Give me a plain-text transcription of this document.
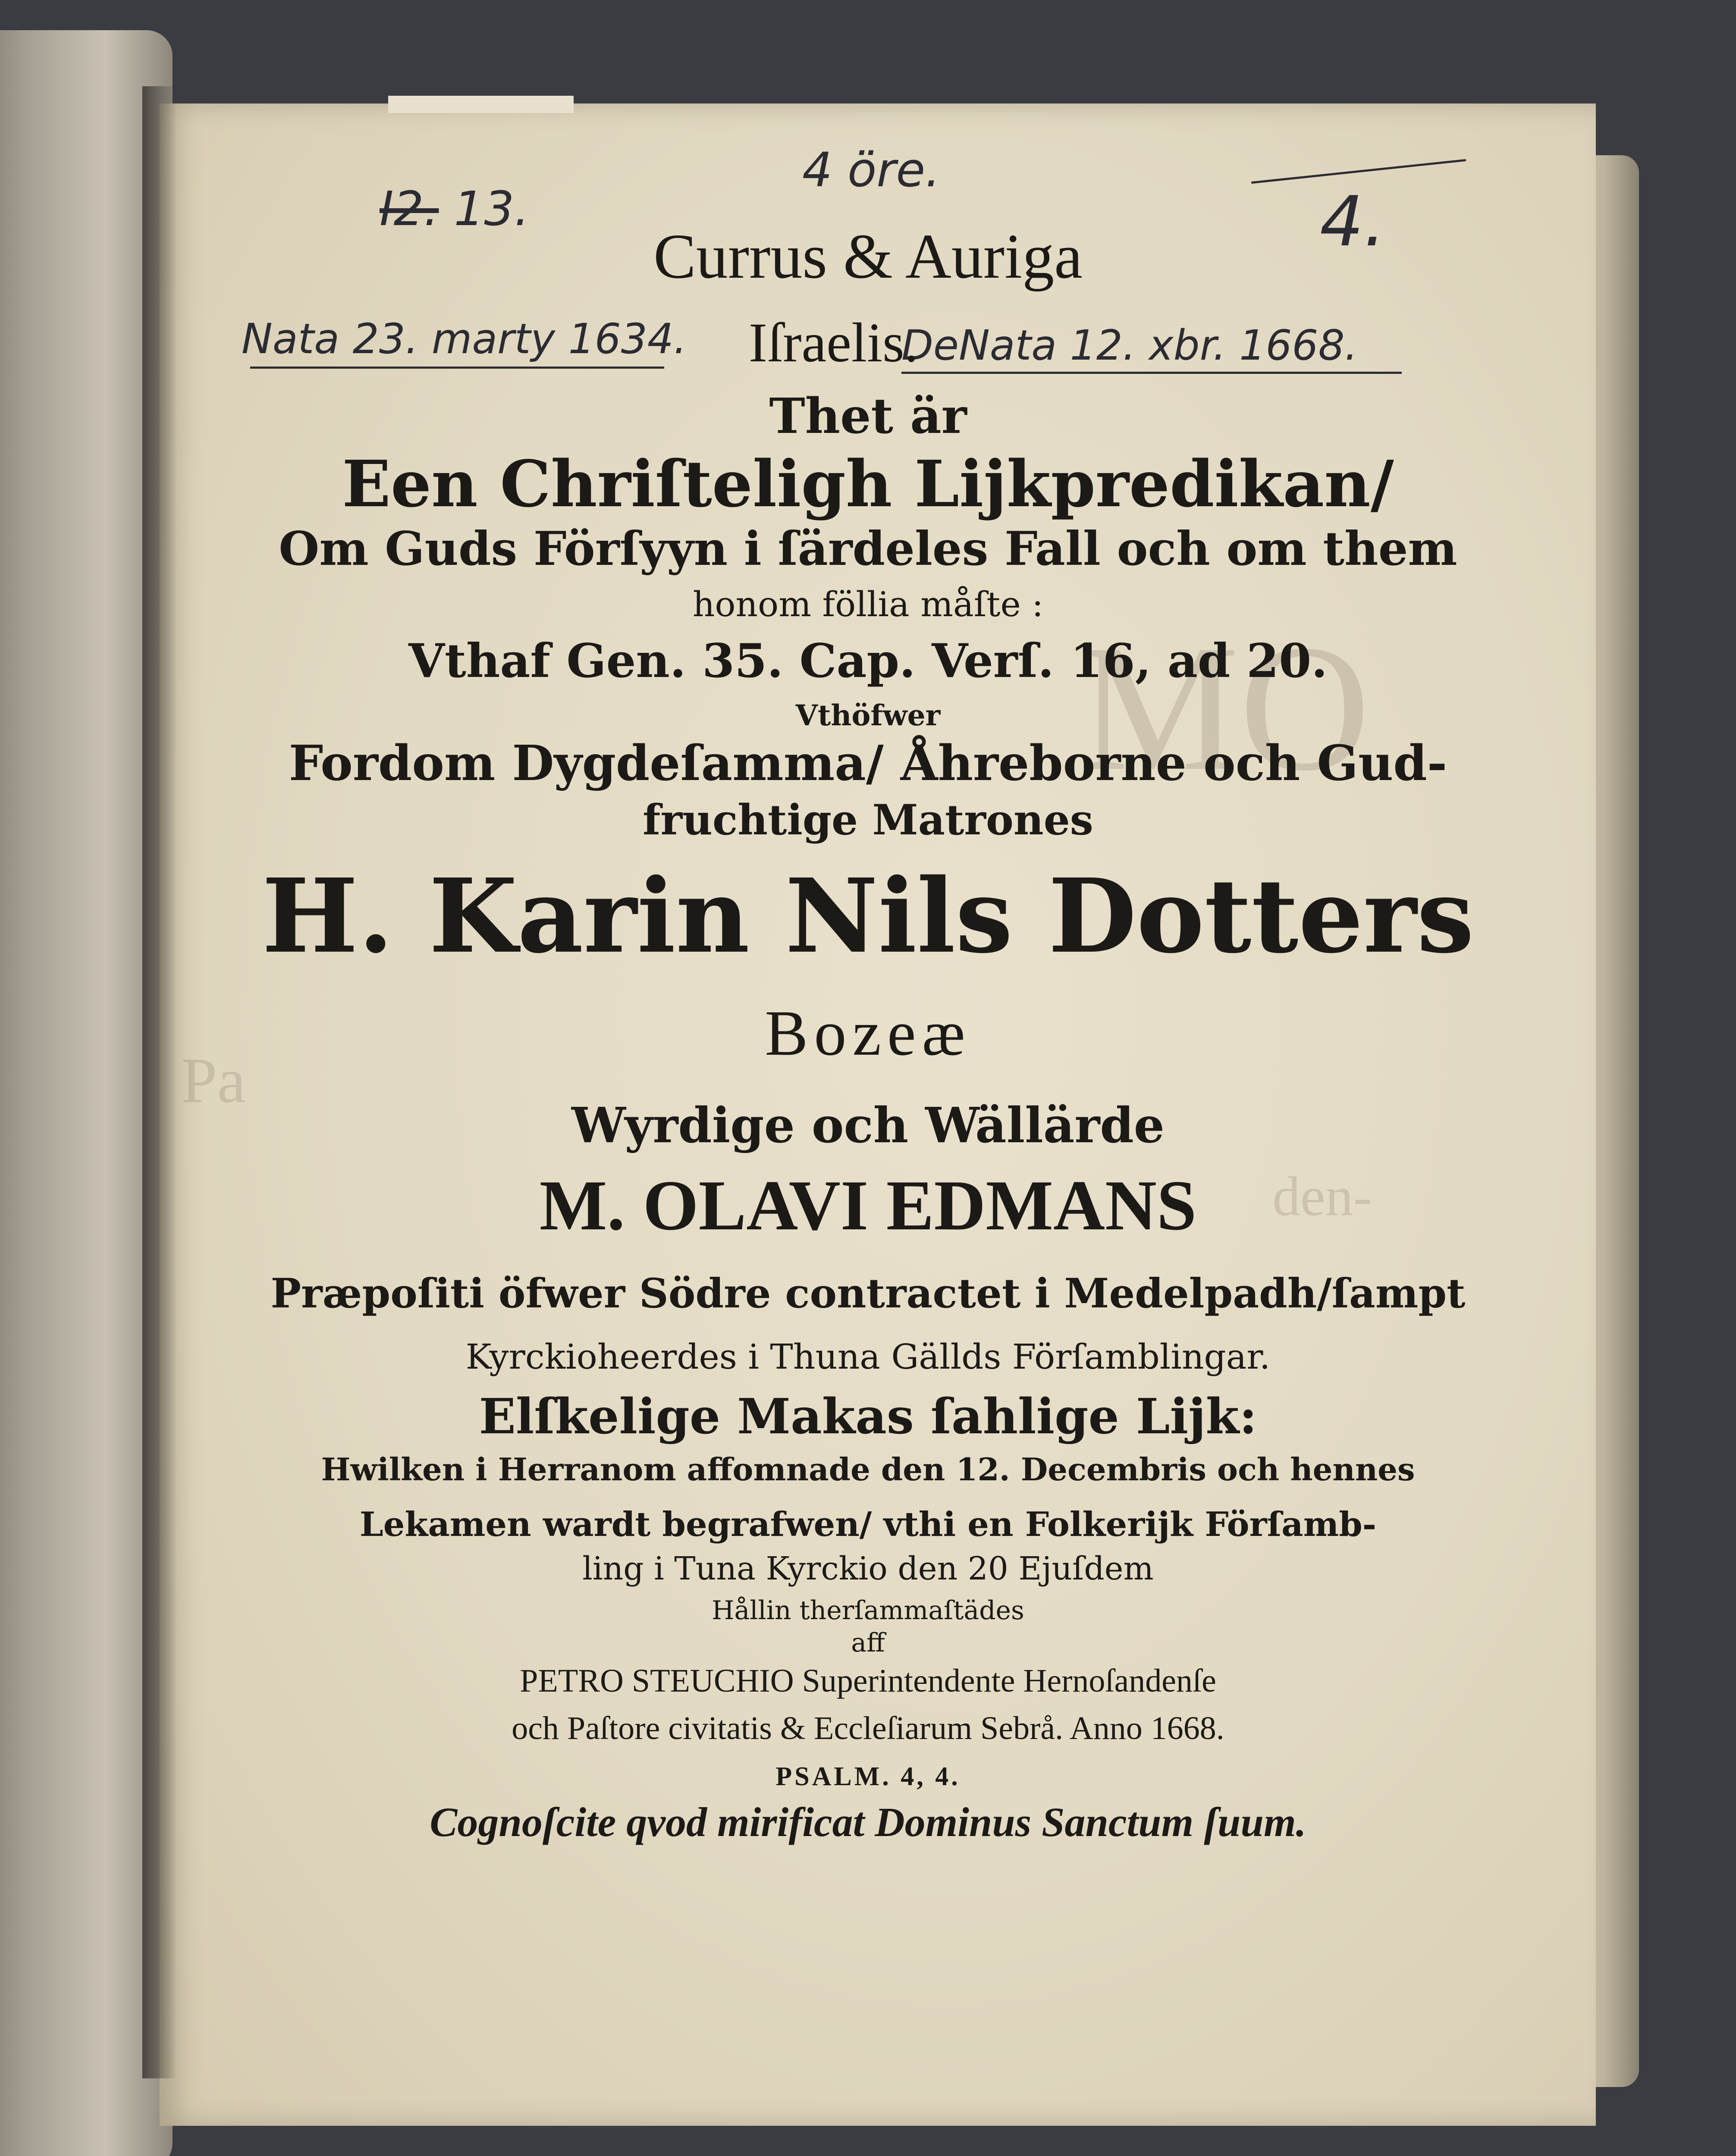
MO
den-
Pa
I2. 13.
4 öre.
4.
Nata 23. marty 1634.	DeNata 12. xbr. 1668.
Currus & Auriga
Iſraelis.
Thet är
Een Chriſteligh Lijkpredikan/
Om Guds Förſyyn i ſärdeles Fall och om them
honom föllia måſte :
Vthaf Gen. 35. Cap. Verſ. 16, ad 20.
Vthöfwer
Fordom Dygdeſamma/ Åhreborne och Gud-
fruchtige Matrones
H. Karin Nils Dotters
Bozeæ
Wyrdige och Wällärde
M. OLAVI EDMANS
Præpoſiti öfwer Södre contractet i Medelpadh/ſampt
Kyrckioheerdes i Thuna Gällds Förſamblingar.
Elſkelige Makas ſahlige Lijk:
Hwilken i Herranom affomnade den 12. Decembris och hennes
Lekamen wardt begrafwen/ vthi en Folkerijk Förſamb-
ling i Tuna Kyrckio den 20 Ejuſdem
Hållin therſammaſtädes
aff
PETRO STEUCHIO Superintendente Hernoſandenſe
och Paſtore civitatis & Eccleſiarum Sebrå. Anno 1668.
PSALM. 4, 4.
Cognoſcite qvod mirificat Dominus Sanctum ſuum.
